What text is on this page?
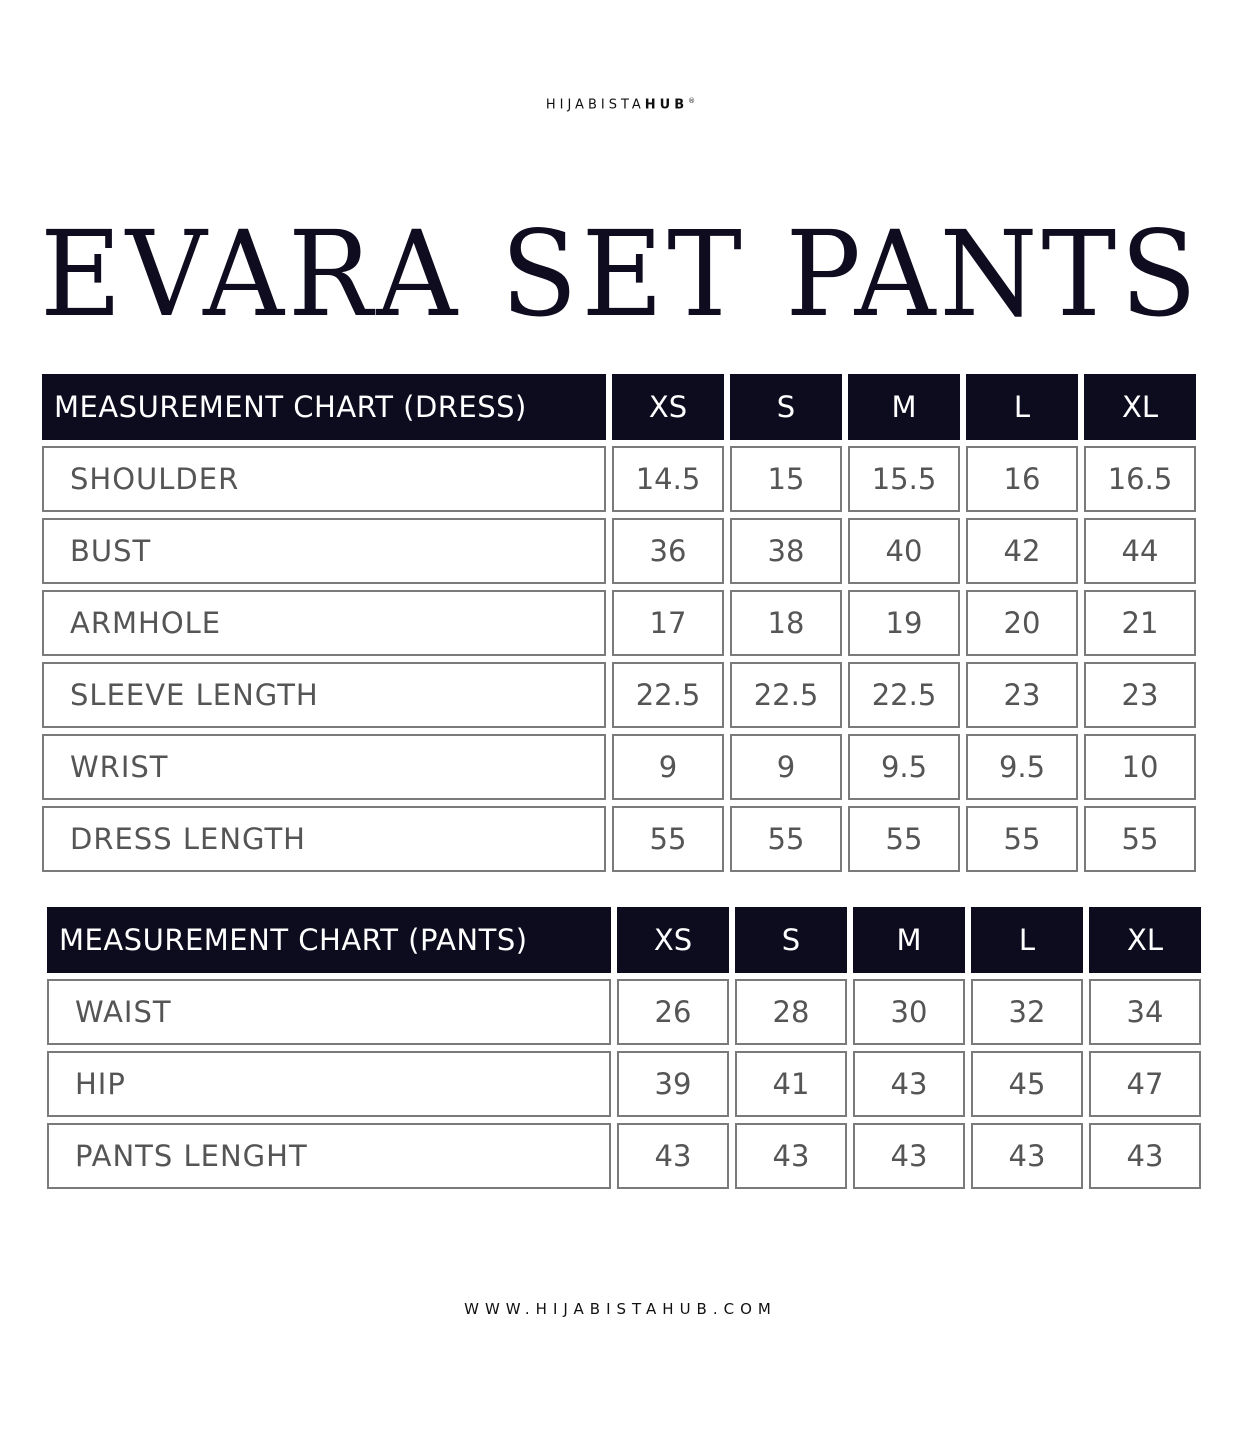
HIJABISTAHUB®
EVARA SET PANTS
MEASUREMENT CHART (DRESS)	XS	S	M	L	XL
SHOULDER	14.5	15	15.5	16	16.5
BUST	36	38	40	42	44
ARMHOLE	17	18	19	20	21
SLEEVE LENGTH	22.5	22.5	22.5	23	23
WRIST	9	9	9.5	9.5	10
DRESS LENGTH	55	55	55	55	55
MEASUREMENT CHART (PANTS)	XS	S	M	L	XL
WAIST	26	28	30	32	34
HIP	39	41	43	45	47
PANTS LENGHT	43	43	43	43	43
WWW.HIJABISTAHUB.COM
